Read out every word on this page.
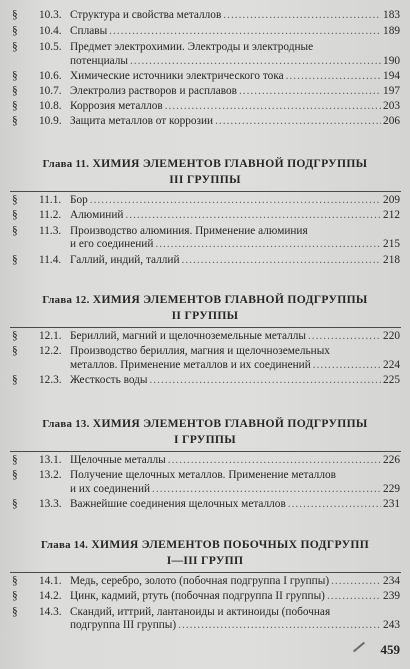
§ 10.3. Структура и свойства металлов .....	183
§ 10.4. Сплавы .....	189
§ 10.5. Предмет электрохимии. Электроды и электродные
потенциалы .....	190
§ 10.6. Химические источники электрического тока .....	194
§ 10.7. Электролиз растворов и расплавов .....	197
§ 10.8. Коррозия металлов .....	203
§ 10.9. Защита металлов от коррозии .....	206
Глава 11. ХИМИЯ ЭЛЕМЕНТОВ ГЛАВНОЙ ПОДГРУППЫ
III ГРУППЫ
§ 11.1. Бор .....	209
§ 11.2. Алюминий .....	212
§ 11.3. Производство алюминия. Применение алюминия
и его соединений .....	215
§ 11.4. Галлий, индий, таллий .....	218
Глава 12. ХИМИЯ ЭЛЕМЕНТОВ ГЛАВНОЙ ПОДГРУППЫ
II ГРУППЫ
§ 12.1. Бериллий, магний и щелочноземельные металлы .....	220
§ 12.2. Производство бериллия, магния и щелочноземельных
металлов. Применение металлов и их соединений .....	224
§ 12.3. Жесткость воды .....	225
Глава 13. ХИМИЯ ЭЛЕМЕНТОВ ГЛАВНОЙ ПОДГРУППЫ
I ГРУППЫ
§ 13.1. Щелочные металлы .....	226
§ 13.2. Получение щелочных металлов. Применение металлов
и их соединений .....	229
§ 13.3. Важнейшие соединения щелочных металлов .....	231
Глава 14. ХИМИЯ ЭЛЕМЕНТОВ ПОБОЧНЫХ ПОДГРУПП
I—III ГРУПП
§ 14.1. Медь, серебро, золото (побочная подгруппа I группы) .....	234
§ 14.2. Цинк, кадмий, ртуть (побочная подгруппа II группы) .....	239
§ 14.3. Скандий, иттрий, лантаноиды и актиноиды (побочная
подгруппа III группы) .....	243
459
